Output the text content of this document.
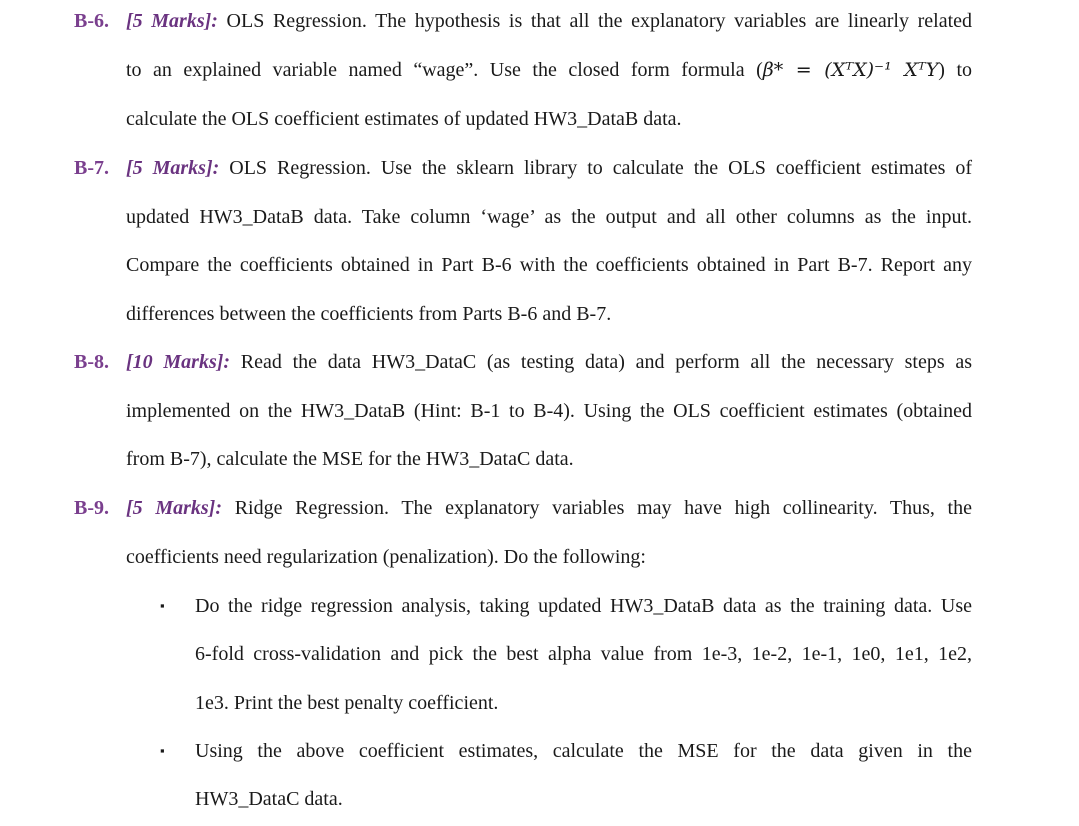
B-6. [5 Marks]: OLS Regression. The hypothesis is that all the explanatory variables are linearly related
to an explained variable named “wage”. Use the closed form formula (β* = (XᵀX)⁻¹ XᵀY) to
calculate the OLS coefficient estimates of updated HW3_DataB data.
B-7. [5 Marks]: OLS Regression. Use the sklearn library to calculate the OLS coefficient estimates of
updated HW3_DataB data. Take column ‘wage’ as the output and all other columns as the input.
Compare the coefficients obtained in Part B-6 with the coefficients obtained in Part B-7. Report any
differences between the coefficients from Parts B-6 and B-7.
B-8. [10 Marks]: Read the data HW3_DataC (as testing data) and perform all the necessary steps as
implemented on the HW3_DataB (Hint: B-1 to B-4). Using the OLS coefficient estimates (obtained
from B-7), calculate the MSE for the HW3_DataC data.
B-9. [5 Marks]: Ridge Regression. The explanatory variables may have high collinearity. Thus, the
coefficients need regularization (penalization). Do the following:
▪ Do the ridge regression analysis, taking updated HW3_DataB data as the training data. Use
6-fold cross-validation and pick the best alpha value from 1e-3, 1e-2, 1e-1, 1e0, 1e1, 1e2,
1e3. Print the best penalty coefficient.
▪ Using the above coefficient estimates, calculate the MSE for the data given in the
HW3_DataC data.
